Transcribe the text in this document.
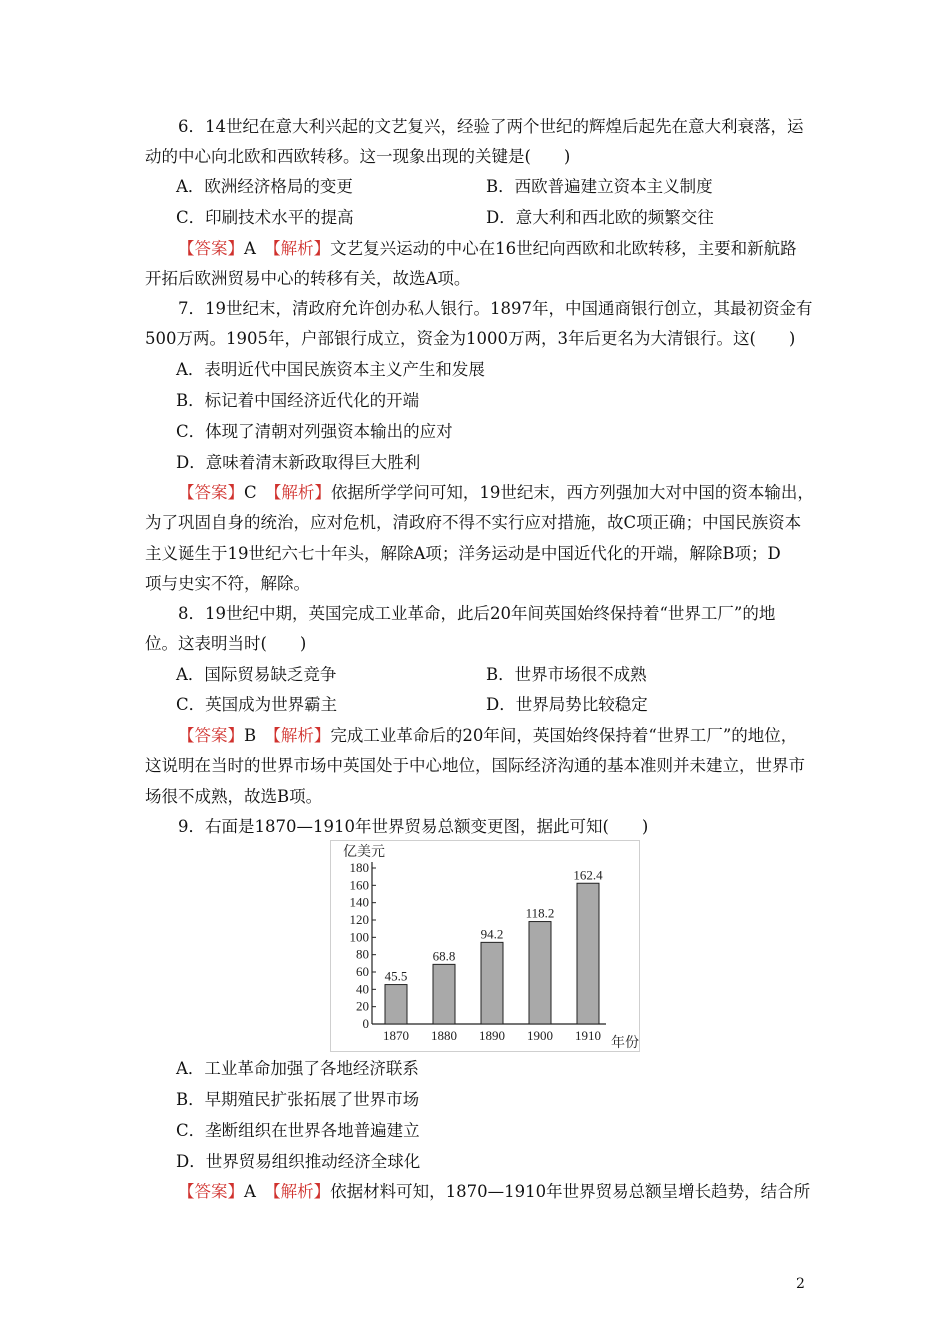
6．14世纪在意大利兴起的文艺复兴，经验了两个世纪的辉煌后起先在意大利衰落，运
动的中心向北欧和西欧转移。这一现象出现的关键是(　　)
A．欧洲经济格局的变更	B．西欧普遍建立资本主义制度
C．印刷技术水平的提高	D．意大利和西北欧的频繁交往
【答案】A　【解析】文艺复兴运动的中心在16世纪向西欧和北欧转移，主要和新航路
开拓后欧洲贸易中心的转移有关，故选A项。
7．19世纪末，清政府允许创办私人银行。1897年，中国通商银行创立，其最初资金有
500万两。1905年，户部银行成立，资金为1000万两，3年后更名为大清银行。这(　　)
A．表明近代中国民族资本主义产生和发展
B．标记着中国经济近代化的开端
C．体现了清朝对列强资本输出的应对
D．意味着清末新政取得巨大胜利
【答案】C　【解析】依据所学学问可知，19世纪末，西方列强加大对中国的资本输出，
为了巩固自身的统治，应对危机，清政府不得不实行应对措施，故C项正确；中国民族资本
主义诞生于19世纪六七十年头，解除A项；洋务运动是中国近代化的开端，解除B项；D
项与史实不符，解除。
8．19世纪中期，英国完成工业革命，此后20年间英国始终保持着“世界工厂”的地
位。这表明当时(　　)
A．国际贸易缺乏竞争	B．世界市场很不成熟
C．英国成为世界霸主	D．世界局势比较稳定
【答案】B　【解析】完成工业革命后的20年间，英国始终保持着“世界工厂”的地位，
这说明在当时的世界市场中英国处于中心地位，国际经济沟通的基本准则并未建立，世界市
场很不成熟，故选B项。
9．右面是1870—1910年世界贸易总额变更图，据此可知(　　)
亿美元
年份
0
20
40
60
80
100
120
140
160
180
45.5
1870
68.8
1880
94.2
1890
118.2
1900
162.4
1910
A．工业革命加强了各地经济联系
B．早期殖民扩张拓展了世界市场
C．垄断组织在世界各地普遍建立
D．世界贸易组织推动经济全球化
【答案】A　【解析】依据材料可知，1870—1910年世界贸易总额呈增长趋势，结合所
2
